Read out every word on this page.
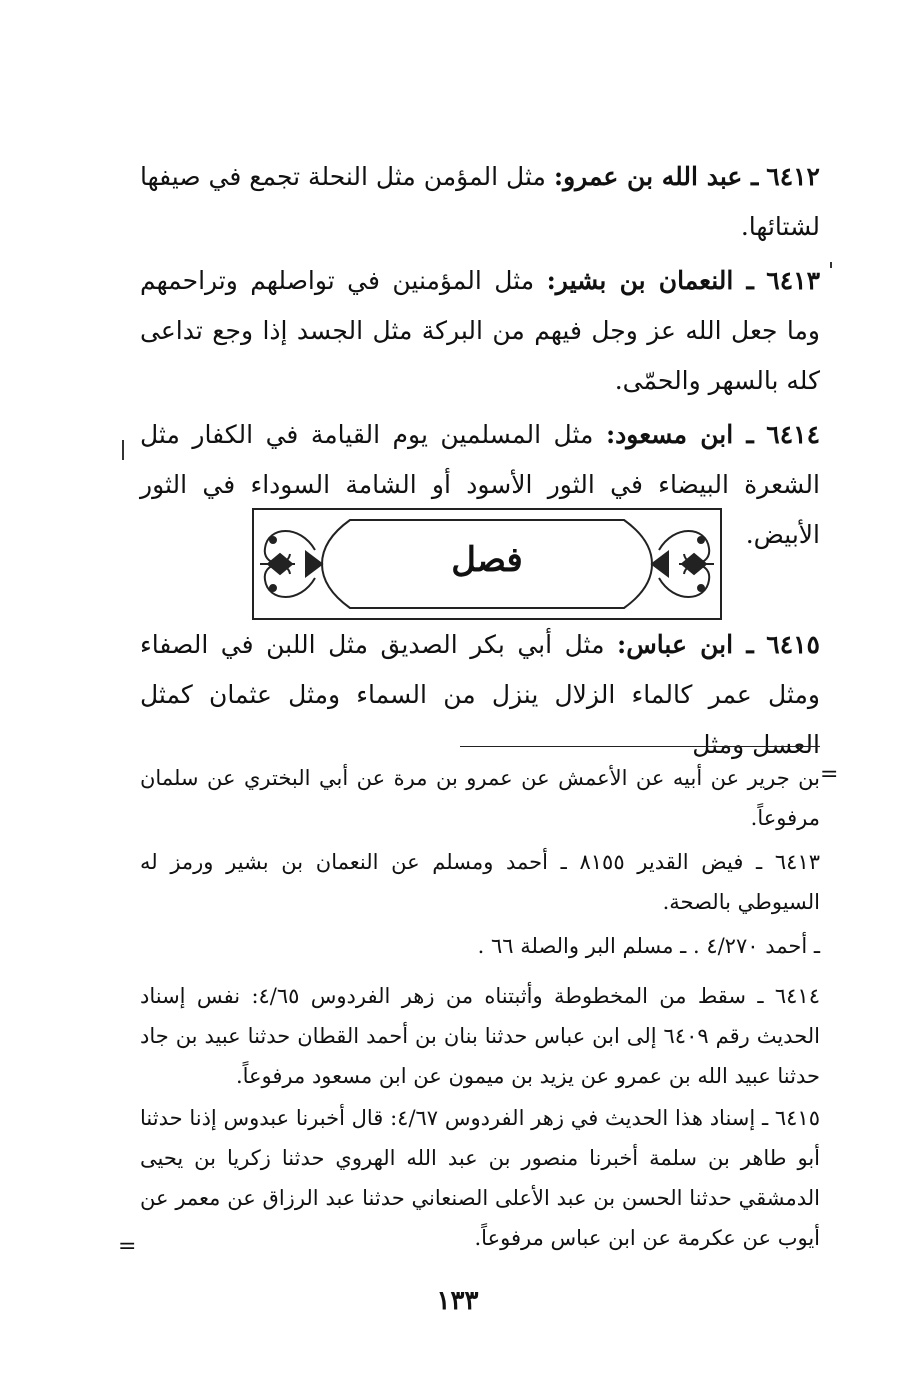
٦٤١٢ ـ عبد الله بن عمرو: مثل المؤمن مثل النحلة تجمع في صيفها لشتائها.
٦٤١٣ ـ النعمان بن بشير: مثل المؤمنين في تواصلهم وتراحمهم وما جعل الله عز وجل فيهم من البركة مثل الجسد إذا وجع تداعى كله بالسهر والحمّى.
٦٤١٤ ـ ابن مسعود: مثل المسلمين يوم القيامة في الكفار مثل الشعرة البيضاء في الثور الأسود أو الشامة السوداء في الثور الأبيض.
فصل
٦٤١٥ ـ ابن عباس: مثل أبي بكر الصديق مثل اللبن في الصفاء ومثل عمر كالماء الزلال ينزل من السماء ومثل عثمان كمثل العسل ومثل
=
بن جرير عن أبيه عن الأعمش عن عمرو بن مرة عن أبي البختري عن سلمان مرفوعاً.
٦٤١٣ ـ فيض القدير ٨١٥٥ ـ أحمد ومسلم عن النعمان بن بشير ورمز له السيوطي بالصحة.
ـ أحمد ٤/٢٧٠ . ـ مسلم البر والصلة ٦٦ .
٦٤١٤ ـ سقط من المخطوطة وأثبتناه من زهر الفردوس ٤/٦٥: نفس إسناد الحديث رقم ٦٤٠٩ إلى ابن عباس حدثنا بنان بن أحمد القطان حدثنا عبيد بن جاد حدثنا عبيد الله بن عمرو عن يزيد بن ميمون عن ابن مسعود مرفوعاً.
٦٤١٥ ـ إسناد هذا الحديث في زهر الفردوس ٤/٦٧: قال أخبرنا عبدوس إذنا حدثنا أبو طاهر بن سلمة أخبرنا منصور بن عبد الله الهروي حدثنا زكريا بن يحيى الدمشقي حدثنا الحسن بن عبد الأعلى الصنعاني حدثنا عبد الرزاق عن معمر عن أيوب عن عكرمة عن ابن عباس مرفوعاً.
=
١٣٣
